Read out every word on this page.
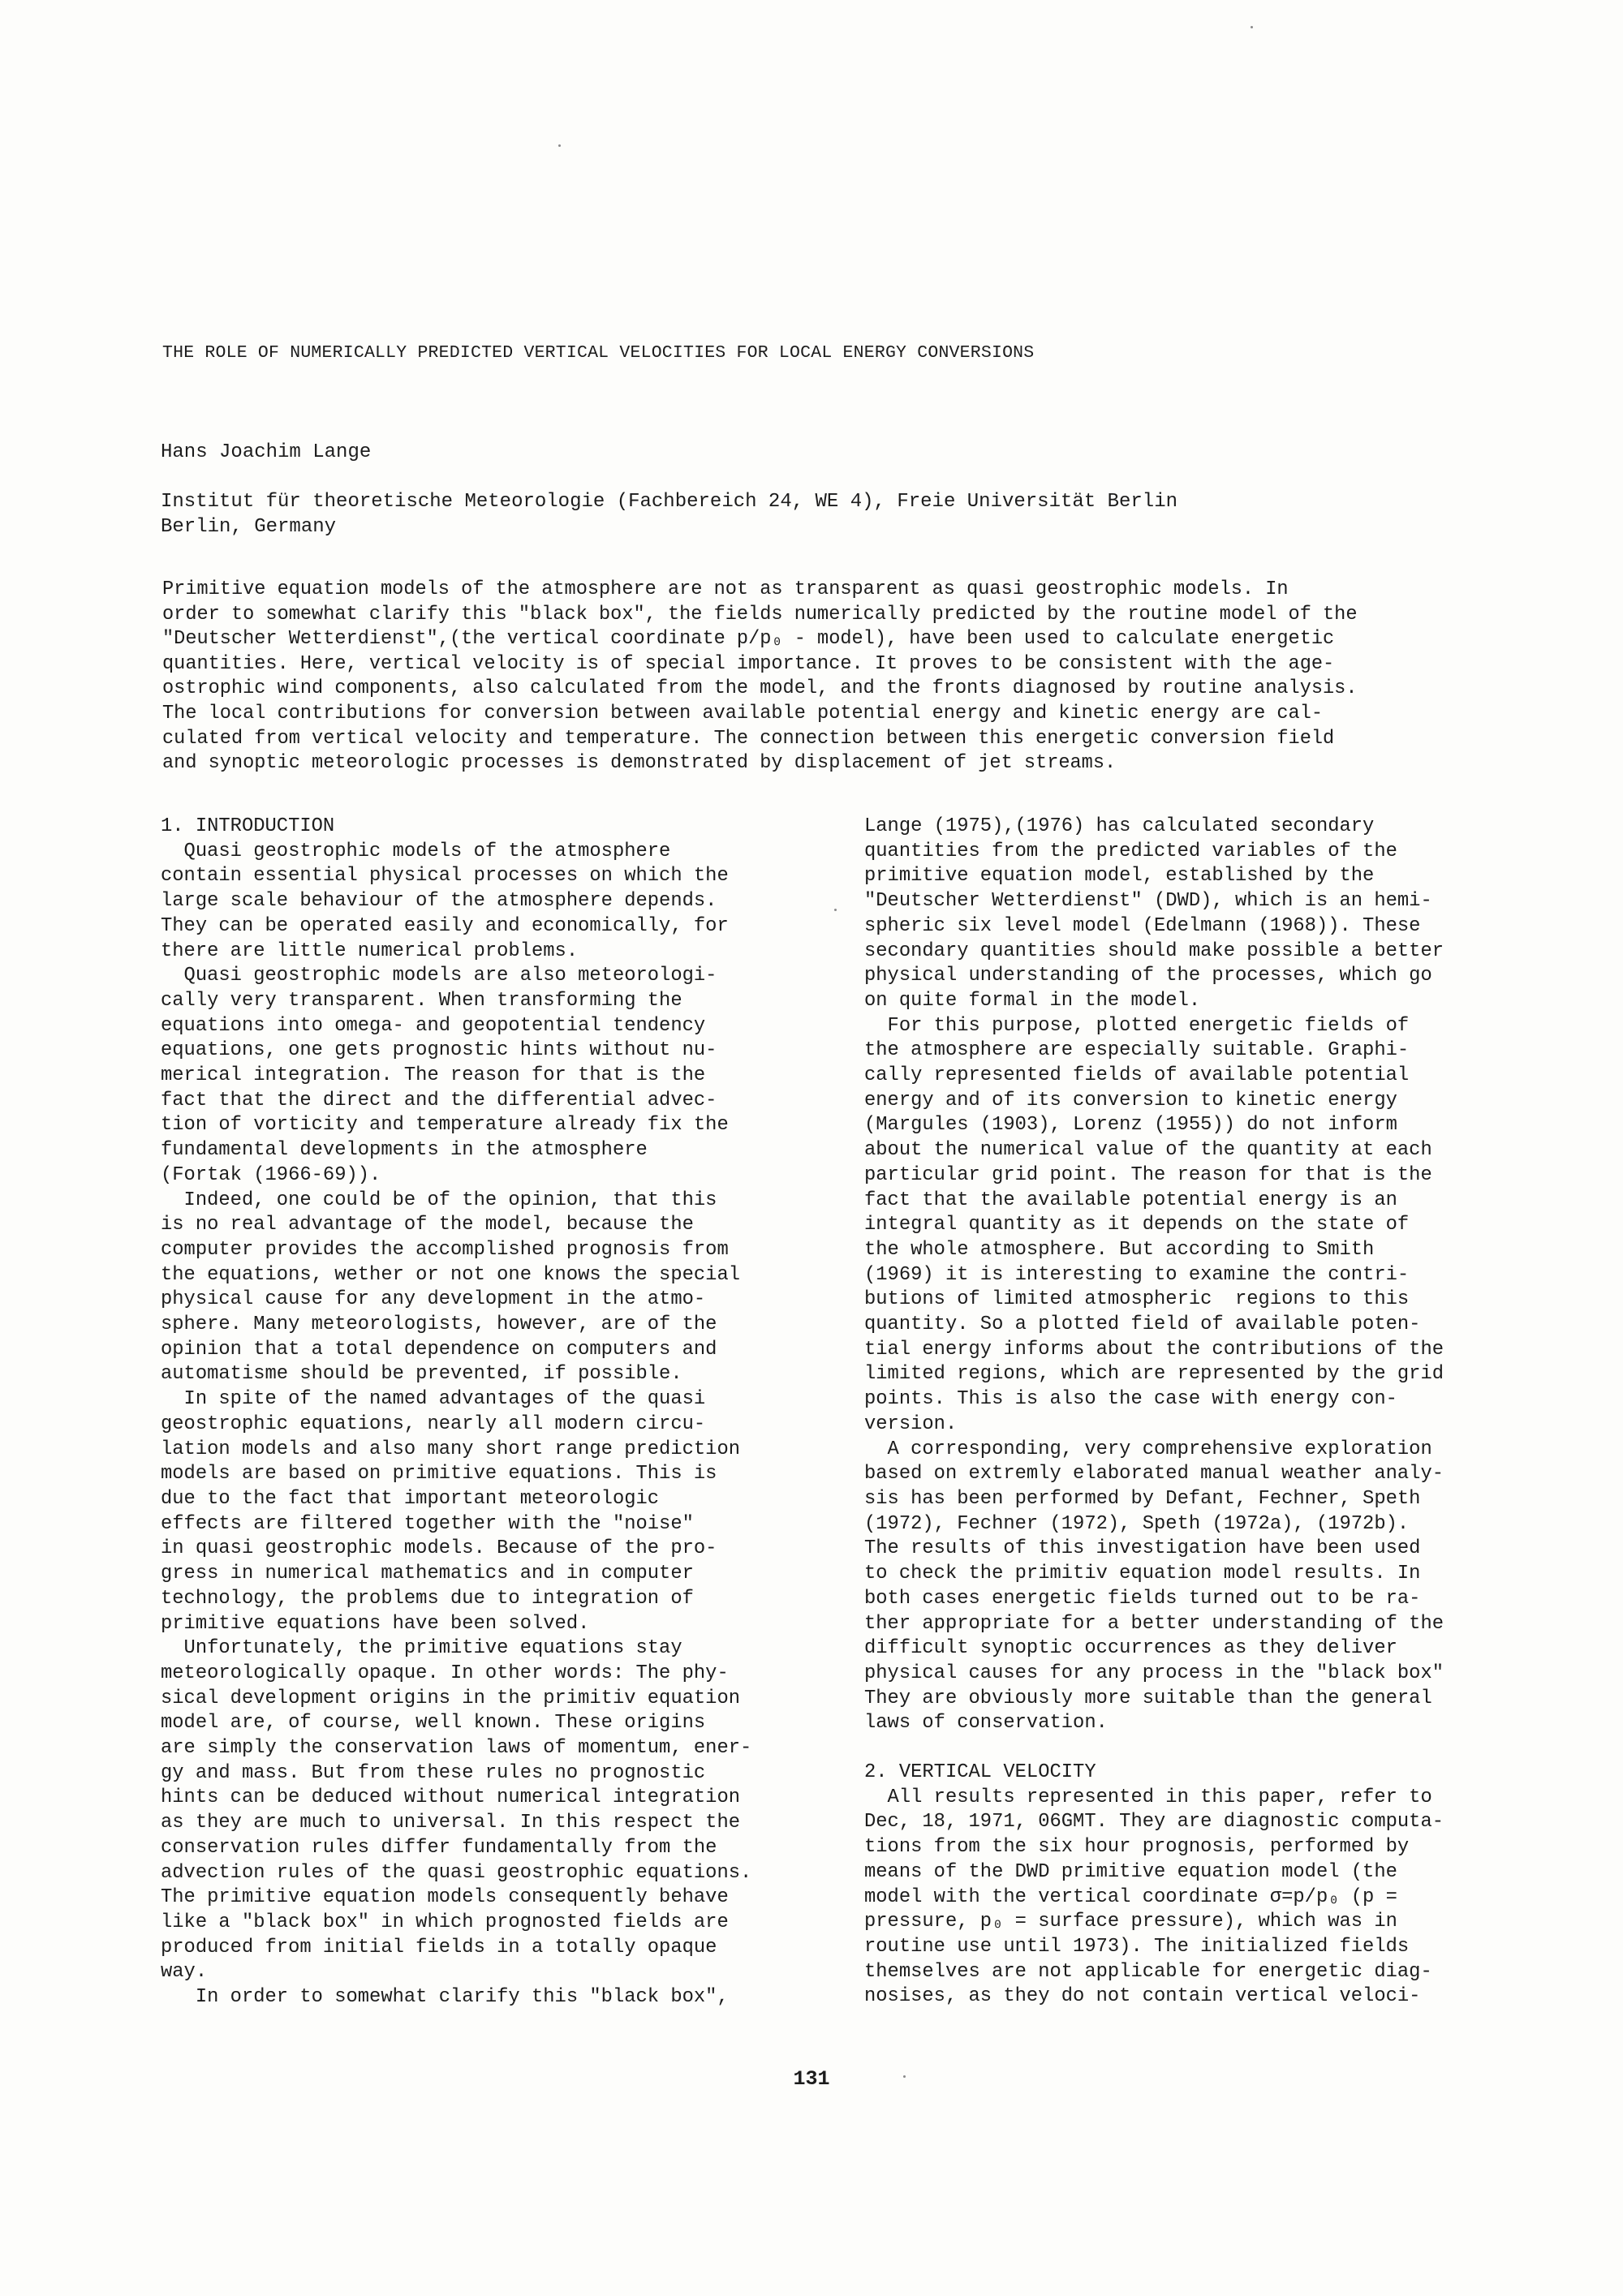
THE ROLE OF NUMERICALLY PREDICTED VERTICAL VELOCITIES FOR LOCAL ENERGY CONVERSIONS
Hans Joachim Lange
Institut für theoretische Meteorologie (Fachbereich 24, WE 4), Freie Universität Berlin
Berlin, Germany
Primitive equation models of the atmosphere are not as transparent as quasi geostrophic models. In
order to somewhat clarify this "black box", the fields numerically predicted by the routine model of the
"Deutscher Wetterdienst",(the vertical coordinate p/p₀ - model), have been used to calculate energetic
quantities. Here, vertical velocity is of special importance. It proves to be consistent with the age-
ostrophic wind components, also calculated from the model, and the fronts diagnosed by routine analysis.
The local contributions for conversion between available potential energy and kinetic energy are cal-
culated from vertical velocity and temperature. The connection between this energetic conversion field
and synoptic meteorologic processes is demonstrated by displacement of jet streams.
1. INTRODUCTION
Quasi geostrophic models of the atmosphere
contain essential physical processes on which the
large scale behaviour of the atmosphere depends.
They can be operated easily and economically, for
there are little numerical problems.
Quasi geostrophic models are also meteorologi-
cally very transparent. When transforming the
equations into omega- and geopotential tendency
equations, one gets prognostic hints without nu-
merical integration. The reason for that is the
fact that the direct and the differential advec-
tion of vorticity and temperature already fix the
fundamental developments in the atmosphere
(Fortak (1966-69)).
Indeed, one could be of the opinion, that this
is no real advantage of the model, because the
computer provides the accomplished prognosis from
the equations, wether or not one knows the special
physical cause for any development in the atmo-
sphere. Many meteorologists, however, are of the
opinion that a total dependence on computers and
automatisme should be prevented, if possible.
In spite of the named advantages of the quasi
geostrophic equations, nearly all modern circu-
lation models and also many short range prediction
models are based on primitive equations. This is
due to the fact that important meteorologic
effects are filtered together with the "noise"
in quasi geostrophic models. Because of the pro-
gress in numerical mathematics and in computer
technology, the problems due to integration of
primitive equations have been solved.
Unfortunately, the primitive equations stay
meteorologically opaque. In other words: The phy-
sical development origins in the primitiv equation
model are, of course, well known. These origins
are simply the conservation laws of momentum, ener-
gy and mass. But from these rules no prognostic
hints can be deduced without numerical integration
as they are much to universal. In this respect the
conservation rules differ fundamentally from the
advection rules of the quasi geostrophic equations.
The primitive equation models consequently behave
like a "black box" in which prognosted fields are
produced from initial fields in a totally opaque
way.
In order to somewhat clarify this "black box",
Lange (1975),(1976) has calculated secondary
quantities from the predicted variables of the
primitive equation model, established by the
"Deutscher Wetterdienst" (DWD), which is an hemi-
spheric six level model (Edelmann (1968)). These
secondary quantities should make possible a better
physical understanding of the processes, which go
on quite formal in the model.
For this purpose, plotted energetic fields of
the atmosphere are especially suitable. Graphi-
cally represented fields of available potential
energy and of its conversion to kinetic energy
(Margules (1903), Lorenz (1955)) do not inform
about the numerical value of the quantity at each
particular grid point. The reason for that is the
fact that the available potential energy is an
integral quantity as it depends on the state of
the whole atmosphere. But according to Smith
(1969) it is interesting to examine the contri-
butions of limited atmospheric  regions to this
quantity. So a plotted field of available poten-
tial energy informs about the contributions of the
limited regions, which are represented by the grid
points. This is also the case with energy con-
version.
A corresponding, very comprehensive exploration
based on extremly elaborated manual weather analy-
sis has been performed by Defant, Fechner, Speth
(1972), Fechner (1972), Speth (1972a), (1972b).
The results of this investigation have been used
to check the primitiv equation model results. In
both cases energetic fields turned out to be ra-
ther appropriate for a better understanding of the
difficult synoptic occurrences as they deliver
physical causes for any process in the "black box"
They are obviously more suitable than the general
laws of conservation.
2. VERTICAL VELOCITY
All results represented in this paper, refer to
Dec, 18, 1971, 06GMT. They are diagnostic computa-
tions from the six hour prognosis, performed by
means of the DWD primitive equation model (the
model with the vertical coordinate σ=p/p₀ (p =
pressure, p₀ = surface pressure), which was in
routine use until 1973). The initialized fields
themselves are not applicable for energetic diag-
nosises, as they do not contain vertical veloci-
131
